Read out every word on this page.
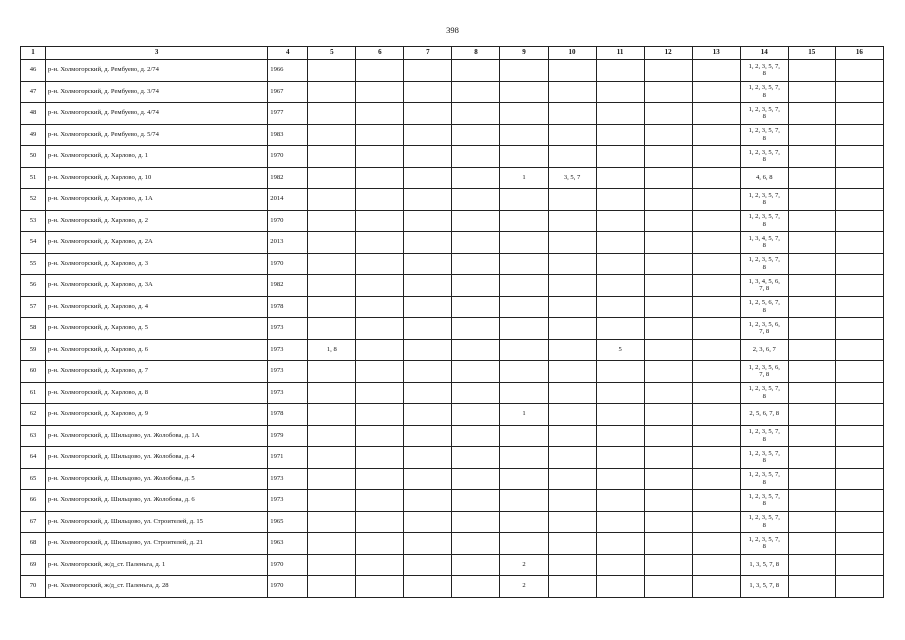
398
1	3	4	5	6	7	8	9	10	11	12	13	14	15	16
46	р-н. Холмогорский, д. Рембуево, д. 2/74	1966										1, 2, 3, 5, 7,
8		
47	р-н. Холмогорский, д. Рембуево, д. 3/74	1967										1, 2, 3, 5, 7,
8		
48	р-н. Холмогорский, д. Рембуево, д. 4/74	1977										1, 2, 3, 5, 7,
8		
49	р-н. Холмогорский, д. Рембуево, д. 5/74	1983										1, 2, 3, 5, 7,
8		
50	р-н. Холмогорский, д. Харлово, д. 1	1970										1, 2, 3, 5, 7,
8		
51	р-н. Холмогорский, д. Харлово, д. 10	1982					1	3, 5, 7				4, 6, 8		
52	р-н. Холмогорский, д. Харлово, д. 1А	2014										1, 2, 3, 5, 7,
8		
53	р-н. Холмогорский, д. Харлово, д. 2	1970										1, 2, 3, 5, 7,
8		
54	р-н. Холмогорский, д. Харлово, д. 2А	2013										1, 3, 4, 5, 7,
8		
55	р-н. Холмогорский, д. Харлово, д. 3	1970										1, 2, 3, 5, 7,
8		
56	р-н. Холмогорский, д. Харлово, д. 3А	1982										1, 3, 4, 5, 6,
7, 8		
57	р-н. Холмогорский, д. Харлово, д. 4	1978										1, 2, 5, 6, 7,
8		
58	р-н. Холмогорский, д. Харлово, д. 5	1973										1, 2, 3, 5, 6,
7, 8		
59	р-н. Холмогорский, д. Харлово, д. 6	1973	1, 8						5			2, 3, 6, 7		
60	р-н. Холмогорский, д. Харлово, д. 7	1973										1, 2, 3, 5, 6,
7, 8		
61	р-н. Холмогорский, д. Харлово, д. 8	1973										1, 2, 3, 5, 7,
8		
62	р-н. Холмогорский, д. Харлово, д. 9	1978					1					2, 5, 6, 7, 8		
63	р-н. Холмогорский, д. Шильцово, ул. Жолобова, д. 1А	1979										1, 2, 3, 5, 7,
8		
64	р-н. Холмогорский, д. Шильцово, ул. Жолобова, д. 4	1971										1, 2, 3, 5, 7,
8		
65	р-н. Холмогорский, д. Шильцово, ул. Жолобова, д. 5	1973										1, 2, 3, 5, 7,
8		
66	р-н. Холмогорский, д. Шильцово, ул. Жолобова, д. 6	1973										1, 2, 3, 5, 7,
8		
67	р-н. Холмогорский, д. Шильцово, ул. Строителей, д. 15	1965										1, 2, 3, 5, 7,
8		
68	р-н. Холмогорский, д. Шильцово, ул. Строителей, д. 21	1963										1, 2, 3, 5, 7,
8		
69	р-н. Холмогорский, ж/д_ст. Паленьга, д. 1	1970					2					1, 3, 5, 7, 8		
70	р-н. Холмогорский, ж/д_ст. Паленьга, д. 28	1970					2					1, 3, 5, 7, 8		
